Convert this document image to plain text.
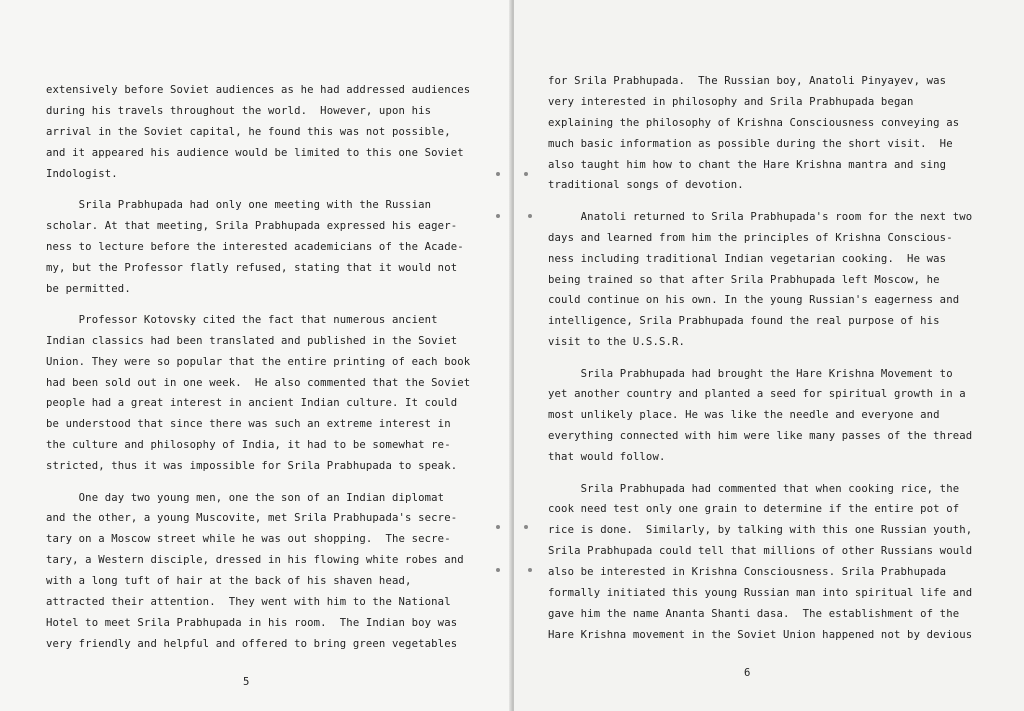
extensively before Soviet audiences as he had addressed audiences
during his travels throughout the world.  However, upon his
arrival in the Soviet capital, he found this was not possible,
and it appeared his audience would be limited to this one Soviet
Indologist.
Srila Prabhupada had only one meeting with the Russian
scholar. At that meeting, Srila Prabhupada expressed his eager-
ness to lecture before the interested academicians of the Acade-
my, but the Professor flatly refused, stating that it would not
be permitted.
Professor Kotovsky cited the fact that numerous ancient
Indian classics had been translated and published in the Soviet
Union. They were so popular that the entire printing of each book
had been sold out in one week.  He also commented that the Soviet
people had a great interest in ancient Indian culture. It could
be understood that since there was such an extreme interest in
the culture and philosophy of India, it had to be somewhat re-
stricted, thus it was impossible for Srila Prabhupada to speak.
One day two young men, one the son of an Indian diplomat
and the other, a young Muscovite, met Srila Prabhupada's secre-
tary on a Moscow street while he was out shopping.  The secre-
tary, a Western disciple, dressed in his flowing white robes and
with a long tuft of hair at the back of his shaven head,
attracted their attention.  They went with him to the National
Hotel to meet Srila Prabhupada in his room.  The Indian boy was
very friendly and helpful and offered to bring green vegetables
5
for Srila Prabhupada.  The Russian boy, Anatoli Pinyayev, was
very interested in philosophy and Srila Prabhupada began
explaining the philosophy of Krishna Consciousness conveying as
much basic information as possible during the short visit.  He
also taught him how to chant the Hare Krishna mantra and sing
traditional songs of devotion.
Anatoli returned to Srila Prabhupada's room for the next two
days and learned from him the principles of Krishna Conscious-
ness including traditional Indian vegetarian cooking.  He was
being trained so that after Srila Prabhupada left Moscow, he
could continue on his own. In the young Russian's eagerness and
intelligence, Srila Prabhupada found the real purpose of his
visit to the U.S.S.R.
Srila Prabhupada had brought the Hare Krishna Movement to
yet another country and planted a seed for spiritual growth in a
most unlikely place. He was like the needle and everyone and
everything connected with him were like many passes of the thread
that would follow.
Srila Prabhupada had commented that when cooking rice, the
cook need test only one grain to determine if the entire pot of
rice is done.  Similarly, by talking with this one Russian youth,
Srila Prabhupada could tell that millions of other Russians would
also be interested in Krishna Consciousness. Srila Prabhupada
formally initiated this young Russian man into spiritual life and
gave him the name Ananta Shanti dasa.  The establishment of the
Hare Krishna movement in the Soviet Union happened not by devious
6
